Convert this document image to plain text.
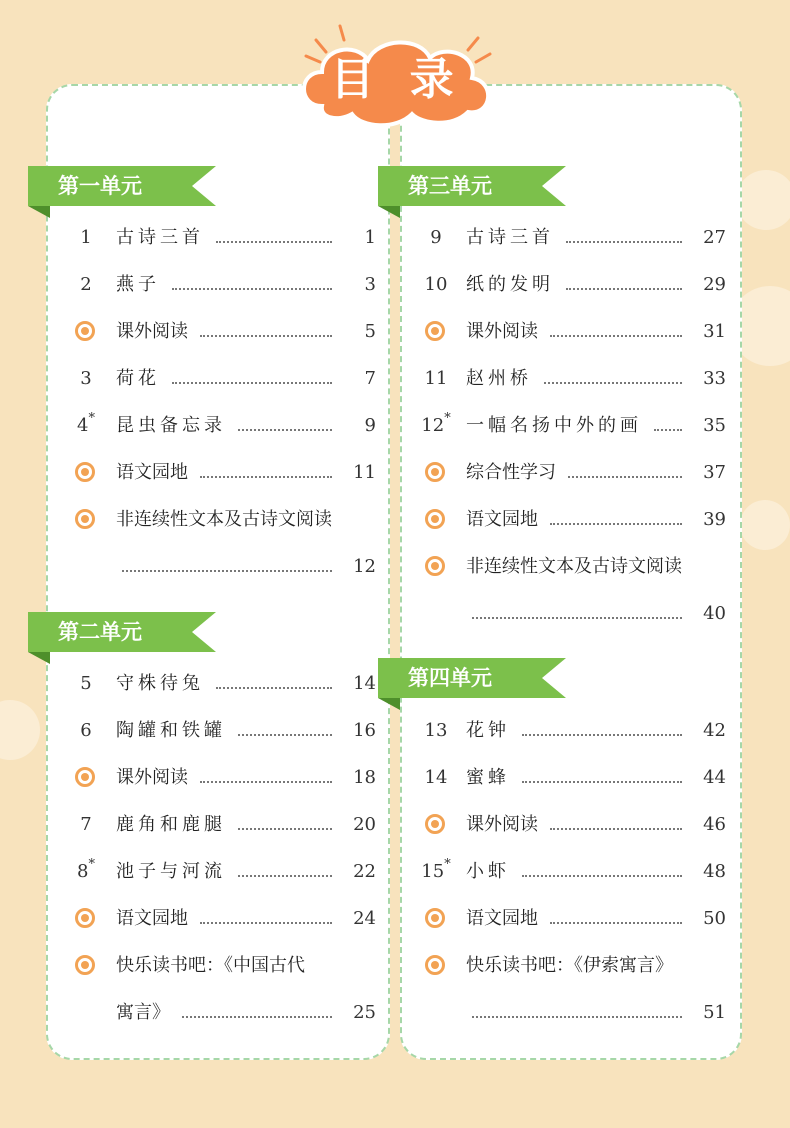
目 录
第一单元
1	古诗三首	1
2	燕子	3
课外阅读	5
3	荷花	7
4*	昆虫备忘录	9
语文园地	11
非连续性文本及古诗文阅读
12
第二单元
5	守株待兔	14
6	陶罐和铁罐	16
课外阅读	18
7	鹿角和鹿腿	20
8*	池子与河流	22
语文园地	24
快乐读书吧：《中国古代
寓言》	25
第三单元
9	古诗三首	27
10	纸的发明	29
课外阅读	31
11	赵州桥	33
12* 一幅名扬中外的画	35
综合性学习	37
语文园地	39
非连续性文本及古诗文阅读
40
第四单元
13	花钟	42
14	蜜蜂	44
课外阅读	46
15* 小虾	48
语文园地	50
快乐读书吧：《伊索寓言》
51
